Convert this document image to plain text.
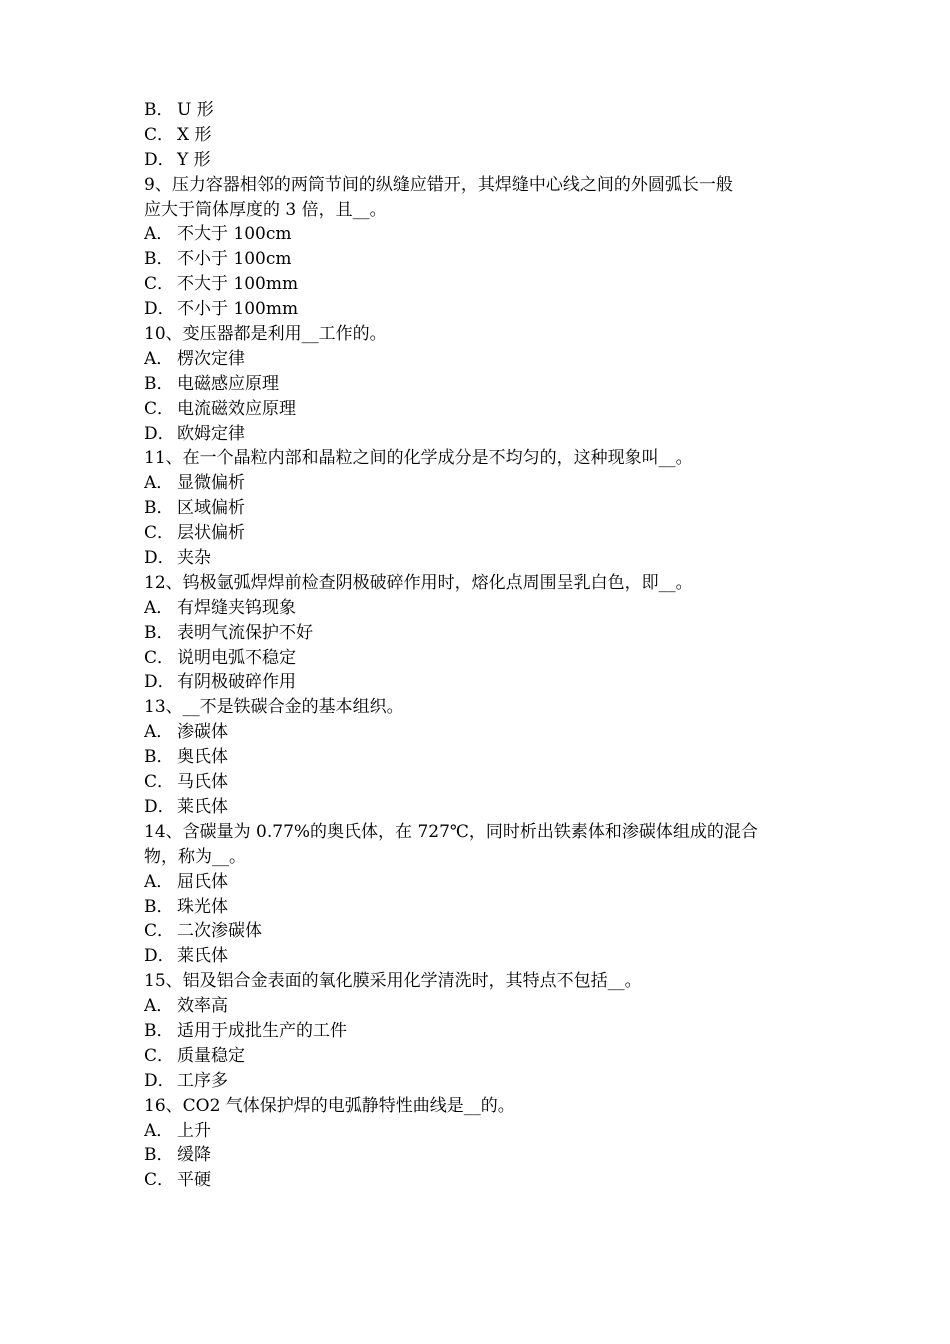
B． U 形
C． X 形
D． Y 形
9、压力容器相邻的两筒节间的纵缝应错开，其焊缝中心线之间的外圆弧长一般
应大于筒体厚度的 3 倍，且__。
A． 不大于 100cm
B． 不小于 100cm
C． 不大于 100mm
D． 不小于 100mm
10、变压器都是利用__工作的。
A． 楞次定律
B． 电磁感应原理
C． 电流磁效应原理
D． 欧姆定律
11、在一个晶粒内部和晶粒之间的化学成分是不均匀的，这种现象叫__。
A． 显微偏析
B． 区域偏析
C． 层状偏析
D． 夹杂
12、钨极氩弧焊焊前检查阴极破碎作用时，熔化点周围呈乳白色，即__。
A． 有焊缝夹钨现象
B． 表明气流保护不好
C． 说明电弧不稳定
D． 有阴极破碎作用
13、__不是铁碳合金的基本组织。
A． 渗碳体
B． 奥氏体
C． 马氏体
D． 莱氏体
14、含碳量为 0.77%的奥氏体，在 727℃，同时析出铁素体和渗碳体组成的混合
物，称为__。
A． 屈氏体
B． 珠光体
C． 二次渗碳体
D． 莱氏体
15、铝及铝合金表面的氧化膜采用化学清洗时，其特点不包括__。
A． 效率高
B． 适用于成批生产的工件
C． 质量稳定
D． 工序多
16、CO2 气体保护焊的电弧静特性曲线是__的。
A． 上升
B． 缓降
C． 平硬
